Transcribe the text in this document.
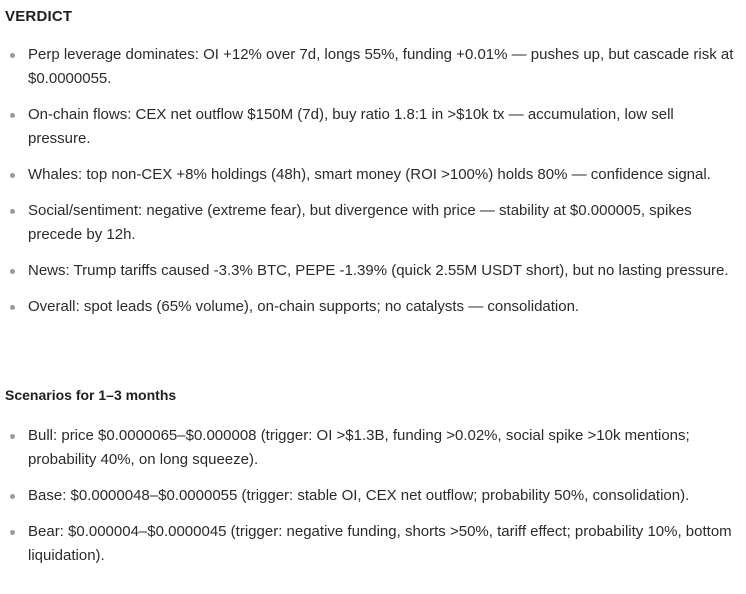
VERDICT
Perp leverage dominates: OI +12% over 7d, longs 55%, funding +0.01% — pushes up, but cascade risk at $0.0000055.
On-chain flows: CEX net outflow $150M (7d), buy ratio 1.8:1 in >$10k tx — accumulation, low sell pressure.
Whales: top non-CEX +8% holdings (48h), smart money (ROI >100%) holds 80% — confidence signal.
Social/sentiment: negative (extreme fear), but divergence with price — stability at $0.000005, spikes precede by 12h.
News: Trump tariffs caused -3.3% BTC, PEPE -1.39% (quick 2.55M USDT short), but no lasting pressure.
Overall: spot leads (65% volume), on-chain supports; no catalysts — consolidation.
Scenarios for 1–3 months
Bull: price $0.0000065–$0.000008 (trigger: OI >$1.3B, funding >0.02%, social spike >10k mentions; probability 40%, on long squeeze).
Base: $0.0000048–$0.0000055 (trigger: stable OI, CEX net outflow; probability 50%, consolidation).
Bear: $0.000004–$0.0000045 (trigger: negative funding, shorts >50%, tariff effect; probability 10%, bottom liquidation).
